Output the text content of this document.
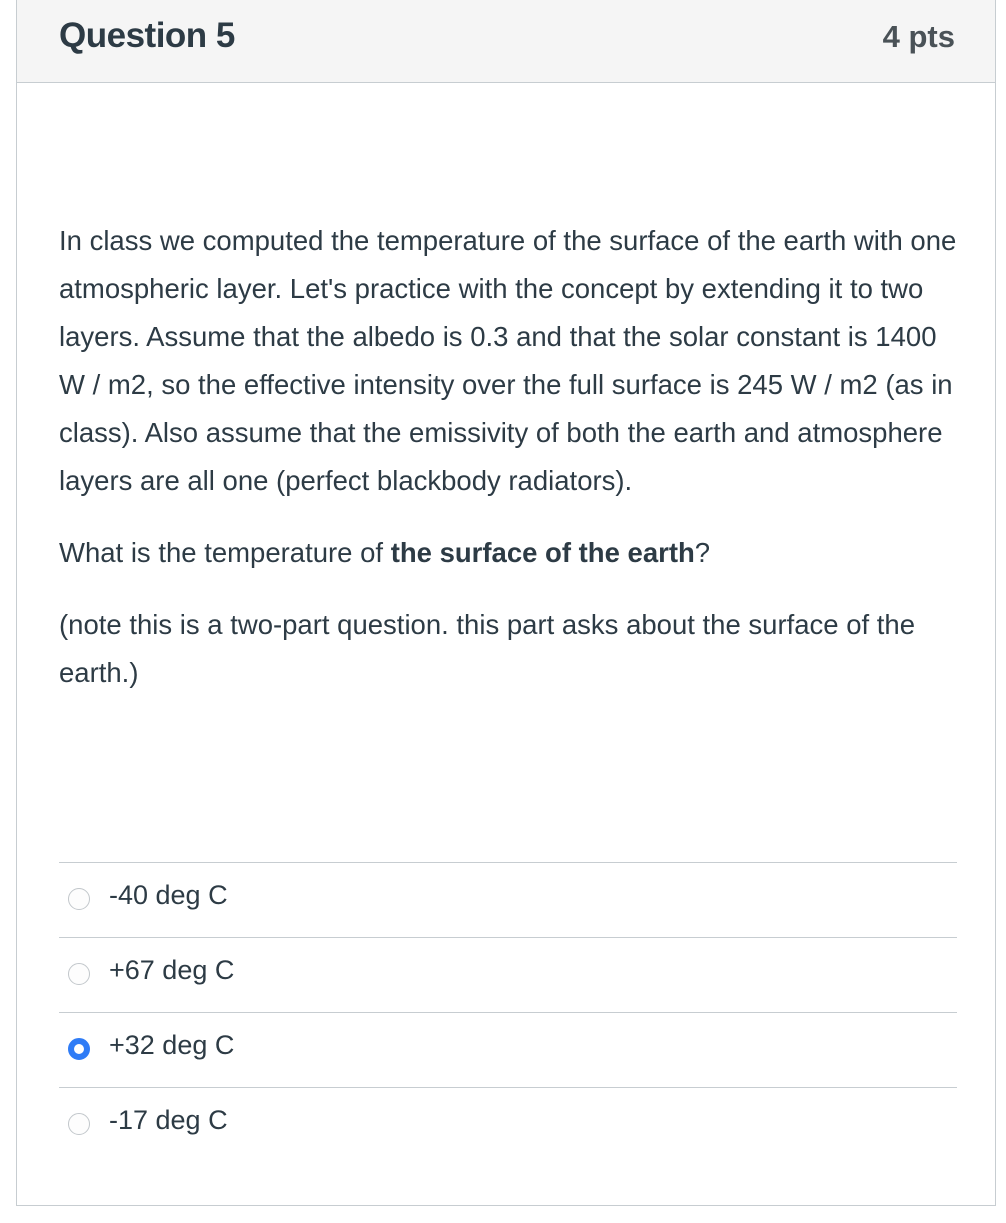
Question 5	4 pts

In class we computed the temperature of the surface of the earth with one atmospheric layer. Let's practice with the concept by extending it to two layers. Assume that the albedo is 0.3 and that the solar constant is 1400 W / m2, so the effective intensity over the full surface is 245 W / m2 (as in class). Also assume that the emissivity of both the earth and atmosphere layers are all one (perfect blackbody radiators).

What is the temperature of the surface of the earth?

(note this is a two-part question. this part asks about the surface of the earth.)

-40 deg C
+67 deg C
+32 deg C
-17 deg C
